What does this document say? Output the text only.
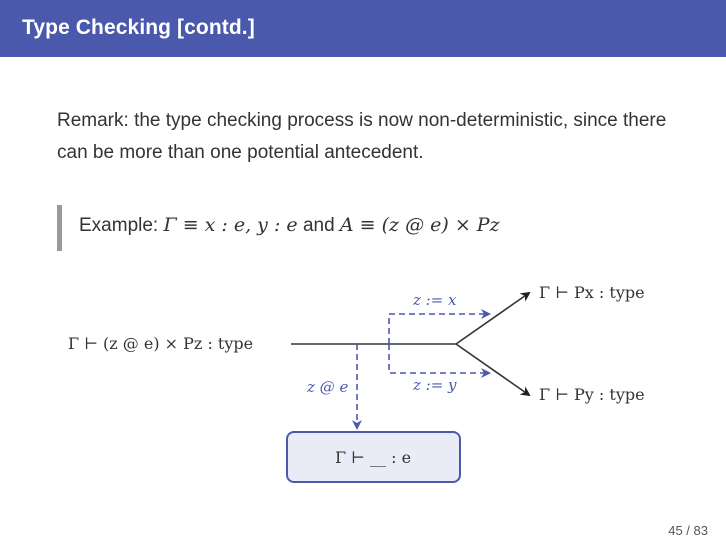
Type Checking [contd.]
Remark: the type checking process is now non-deterministic, since there can be more than one potential antecedent.
Example: Γ ≡ x : e, y : e and A ≡ (z @ e) × Pz
Γ ⊢ (z @ e) × Pz : type
Γ ⊢ Px : type
Γ ⊢ Py : type
z := x
z := y
z @ e
Γ ⊢ __ : e
45 / 83
